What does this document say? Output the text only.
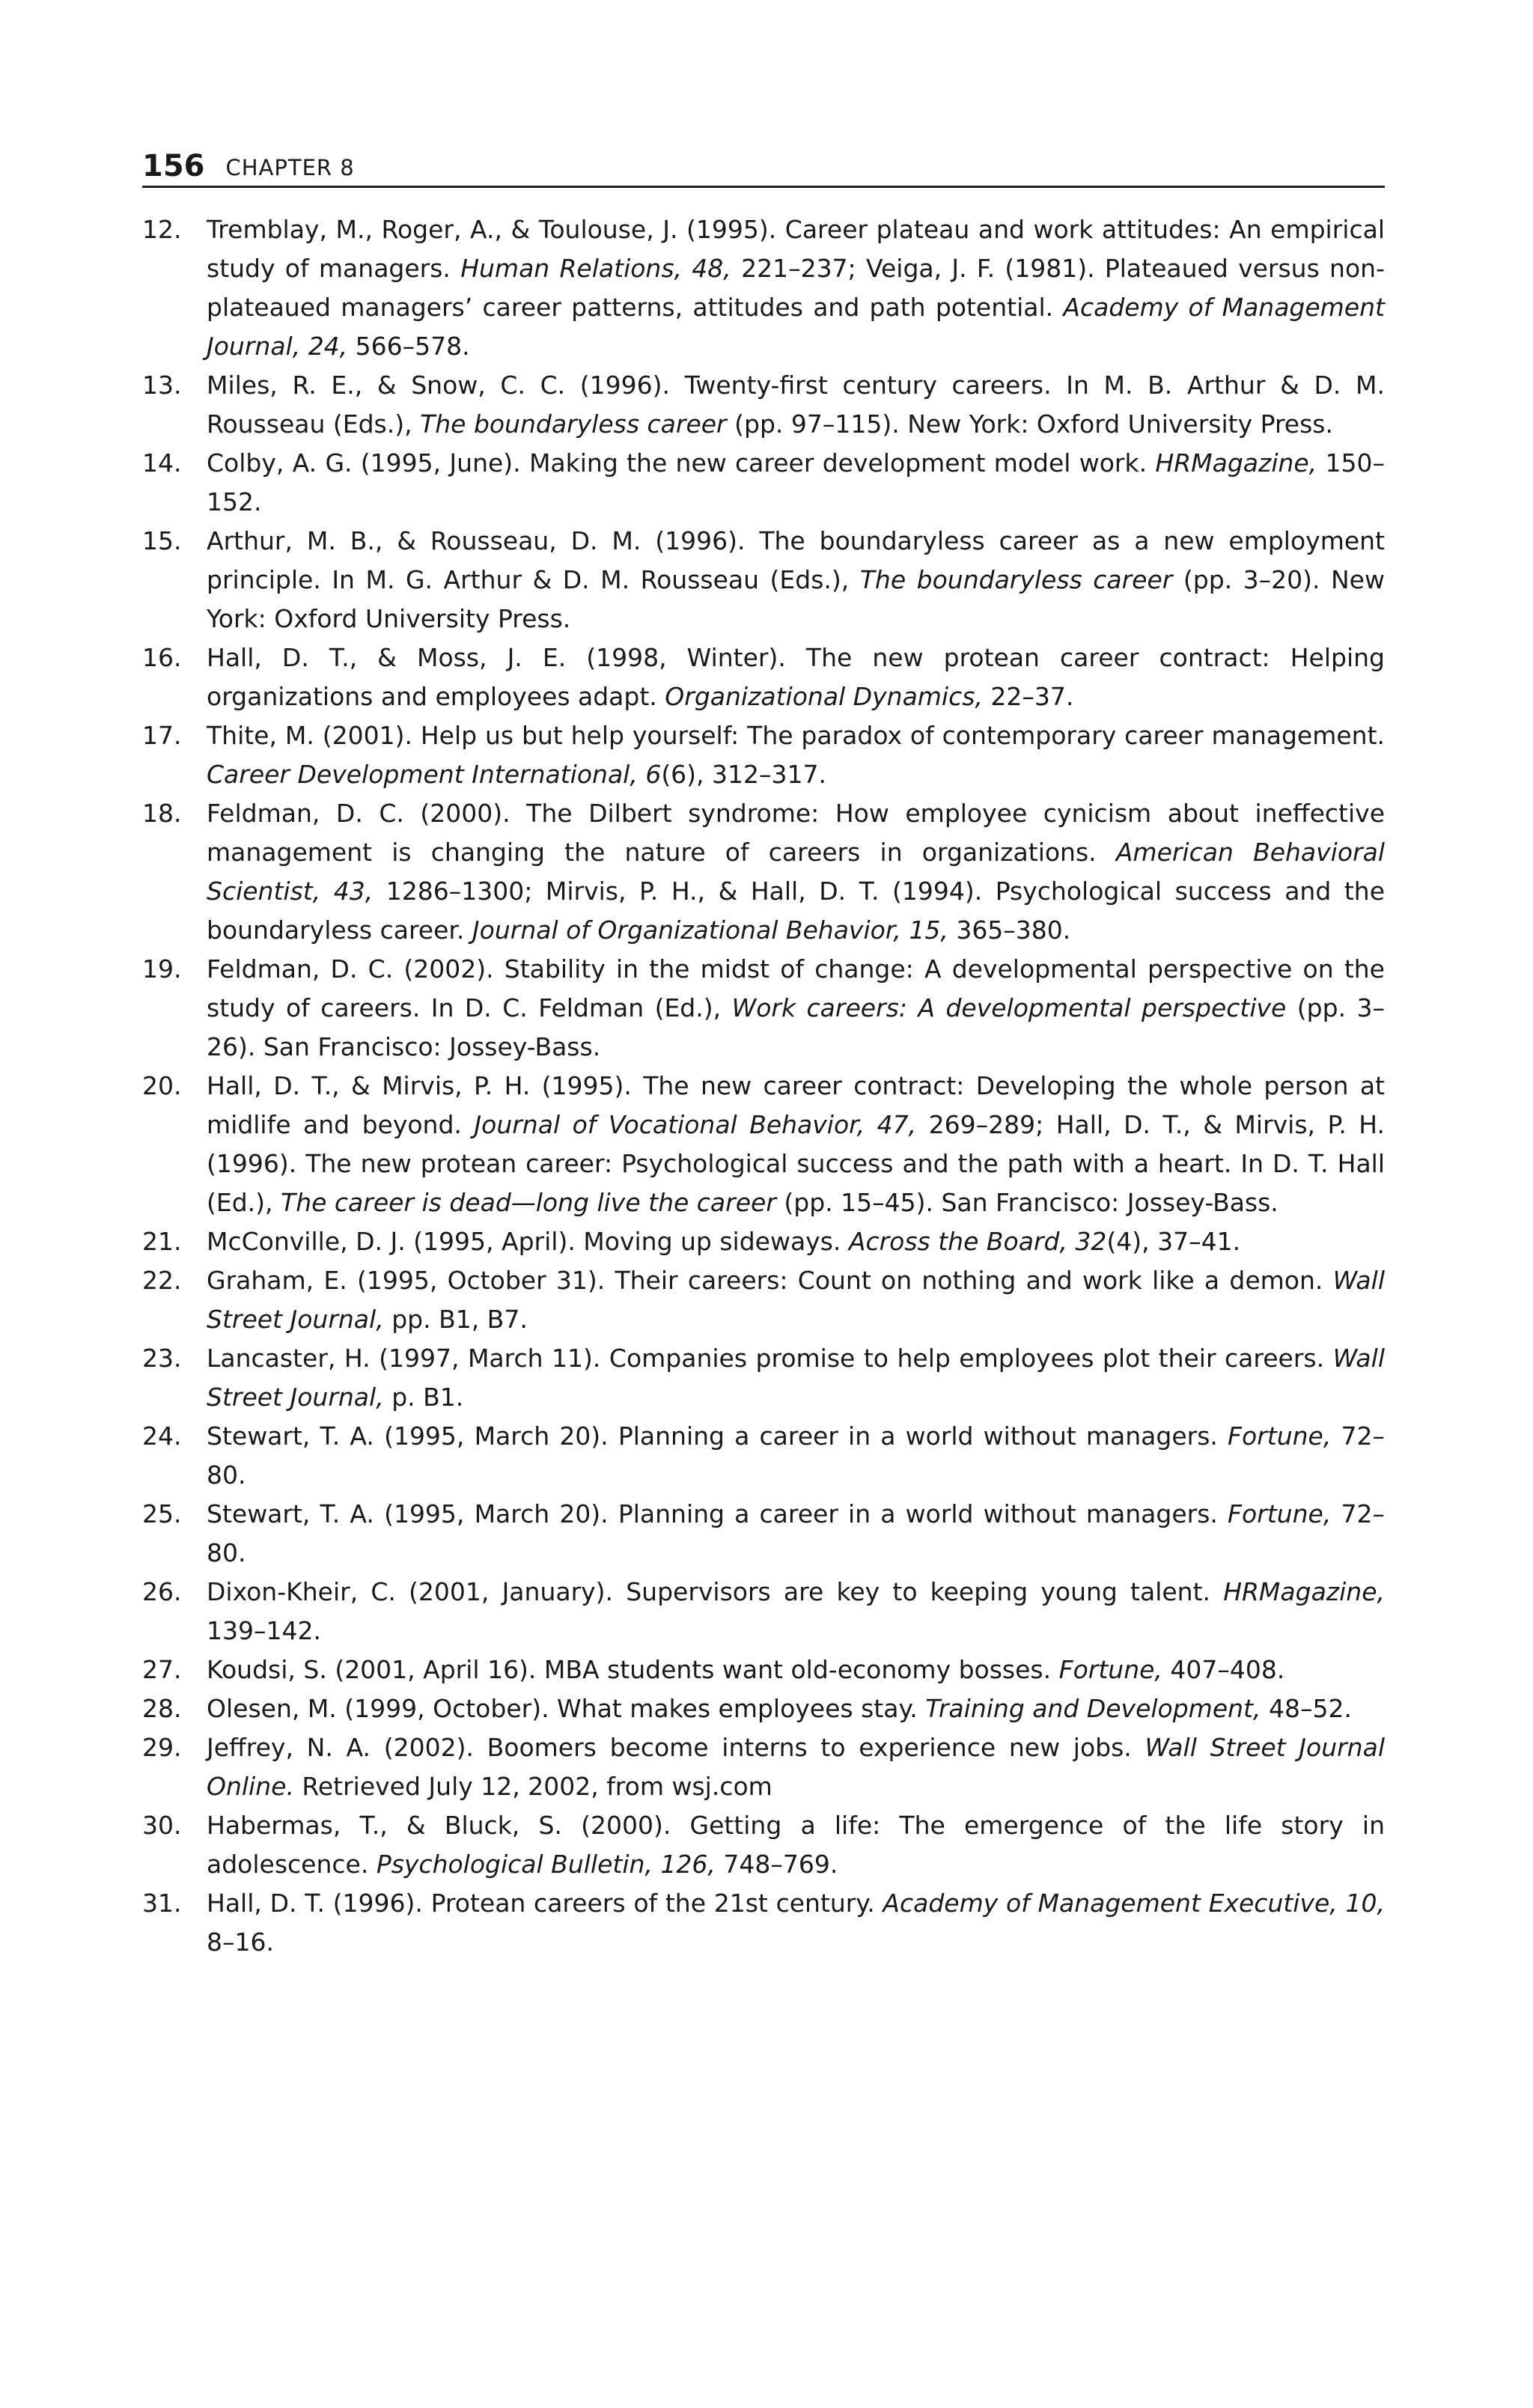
156 CHAPTER 8
12.	Tremblay, M., Roger, A., & Toulouse, J. (1995). Career plateau and work attitudes: An empirical study of managers. Human Relations, 48, 221–237; Veiga, J. F. (1981). Plateaued versus non-plateaued managers’ career patterns, attitudes and path potential. Academy of Management Journal, 24, 566–578.
13.	Miles, R. E., & Snow, C. C. (1996). Twenty-first century careers. In M. B. Arthur & D. M. Rousseau (Eds.), The boundaryless career (pp. 97–115). New York: Oxford University Press.
14.	Colby, A. G. (1995, June). Making the new career development model work. HRMagazine, 150–152.
15.	Arthur, M. B., & Rousseau, D. M. (1996). The boundaryless career as a new employment principle. In M. G. Arthur & D. M. Rousseau (Eds.), The boundaryless career (pp. 3–20). New York: Oxford University Press.
16.	Hall, D. T., & Moss, J. E. (1998, Winter). The new protean career contract: Helping organizations and employees adapt. Organizational Dynamics, 22–37.
17.	Thite, M. (2001). Help us but help yourself: The paradox of contemporary career management. Career Development International, 6(6), 312–317.
18.	Feldman, D. C. (2000). The Dilbert syndrome: How employee cynicism about ineffective management is changing the nature of careers in organizations. American Behavioral Scientist, 43, 1286–1300; Mirvis, P. H., & Hall, D. T. (1994). Psychological success and the boundaryless career. Journal of Organizational Behavior, 15, 365–380.
19.	Feldman, D. C. (2002). Stability in the midst of change: A developmental perspective on the study of careers. In D. C. Feldman (Ed.), Work careers: A developmental perspective (pp. 3–26). San Francisco: Jossey-Bass.
20.	Hall, D. T., & Mirvis, P. H. (1995). The new career contract: Developing the whole person at midlife and beyond. Journal of Vocational Behavior, 47, 269–289; Hall, D. T., & Mirvis, P. H. (1996). The new protean career: Psychological success and the path with a heart. In D. T. Hall (Ed.), The career is dead—long live the career (pp. 15–45). San Francisco: Jossey-Bass.
21.	McConville, D. J. (1995, April). Moving up sideways. Across the Board, 32(4), 37–41.
22.	Graham, E. (1995, October 31). Their careers: Count on nothing and work like a demon. Wall Street Journal, pp. B1, B7.
23.	Lancaster, H. (1997, March 11). Companies promise to help employees plot their careers. Wall Street Journal, p. B1.
24.	Stewart, T. A. (1995, March 20). Planning a career in a world without managers. Fortune, 72–80.
25.	Stewart, T. A. (1995, March 20). Planning a career in a world without managers. Fortune, 72–80.
26.	Dixon-Kheir, C. (2001, January). Supervisors are key to keeping young talent. HRMagazine, 139–142.
27.	Koudsi, S. (2001, April 16). MBA students want old-economy bosses. Fortune, 407–408.
28.	Olesen, M. (1999, October). What makes employees stay. Training and Development, 48–52.
29.	Jeffrey, N. A. (2002). Boomers become interns to experience new jobs. Wall Street Journal Online. Retrieved July 12, 2002, from wsj.com
30.	Habermas, T., & Bluck, S. (2000). Getting a life: The emergence of the life story in adolescence. Psychological Bulletin, 126, 748–769.
31.	Hall, D. T. (1996). Protean careers of the 21st century. Academy of Management Executive, 10, 8–16.
